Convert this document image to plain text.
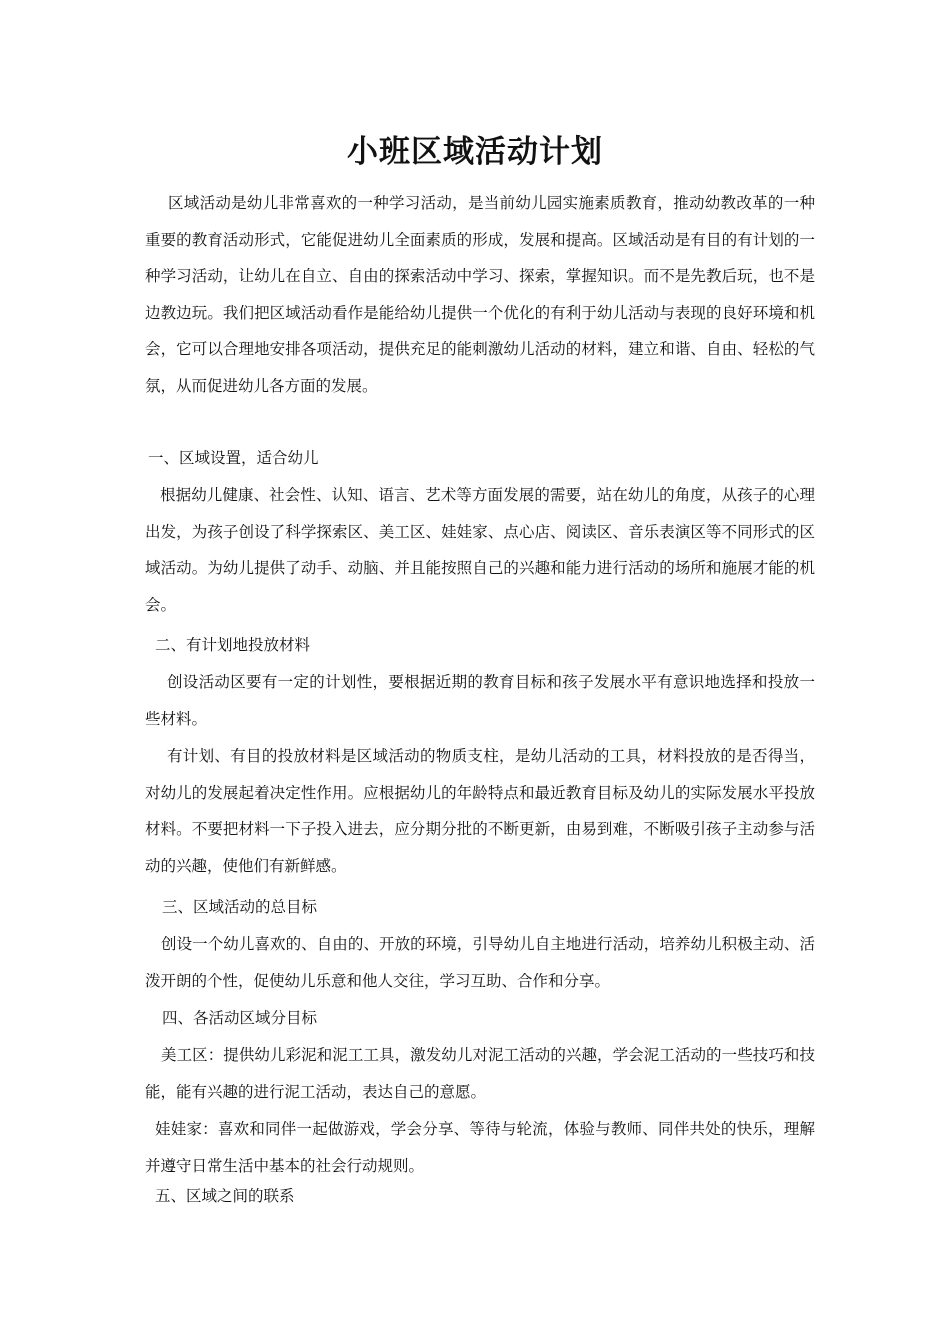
小班区域活动计划

区域活动是幼儿非常喜欢的一种学习活动，是当前幼儿园实施素质教育，推动幼教改革的一种重要的教育活动形式，它能促进幼儿全面素质的形成，发展和提高。区域活动是有目的有计划的一种学习活动，让幼儿在自立、自由的探索活动中学习、探索，掌握知识。而不是先教后玩，也不是边教边玩。我们把区域活动看作是能给幼儿提供一个优化的有利于幼儿活动与表现的良好环境和机会，它可以合理地安排各项活动，提供充足的能刺激幼儿活动的材料，建立和谐、自由、轻松的气氛，从而促进幼儿各方面的发展。

一、区域设置，适合幼儿

根据幼儿健康、社会性、认知、语言、艺术等方面发展的需要，站在幼儿的角度，从孩子的心理出发，为孩子创设了科学探索区、美工区、娃娃家、点心店、阅读区、音乐表演区等不同形式的区域活动。为幼儿提供了动手、动脑、并且能按照自己的兴趣和能力进行活动的场所和施展才能的机会。

二、有计划地投放材料

创设活动区要有一定的计划性，要根据近期的教育目标和孩子发展水平有意识地选择和投放一些材料。

有计划、有目的投放材料是区域活动的物质支柱，是幼儿活动的工具，材料投放的是否得当，对幼儿的发展起着决定性作用。应根据幼儿的年龄特点和最近教育目标及幼儿的实际发展水平投放材料。不要把材料一下子投入进去，应分期分批的不断更新，由易到难，不断吸引孩子主动参与活动的兴趣，使他们有新鲜感。

三、区域活动的总目标

创设一个幼儿喜欢的、自由的、开放的环境，引导幼儿自主地进行活动，培养幼儿积极主动、活泼开朗的个性，促使幼儿乐意和他人交往，学习互助、合作和分享。

四、各活动区域分目标

美工区：提供幼儿彩泥和泥工工具，激发幼儿对泥工活动的兴趣，学会泥工活动的一些技巧和技能，能有兴趣的进行泥工活动，表达自己的意愿。

娃娃家：喜欢和同伴一起做游戏，学会分享、等待与轮流，体验与教师、同伴共处的快乐，理解并遵守日常生活中基本的社会行动规则。

五、区域之间的联系
